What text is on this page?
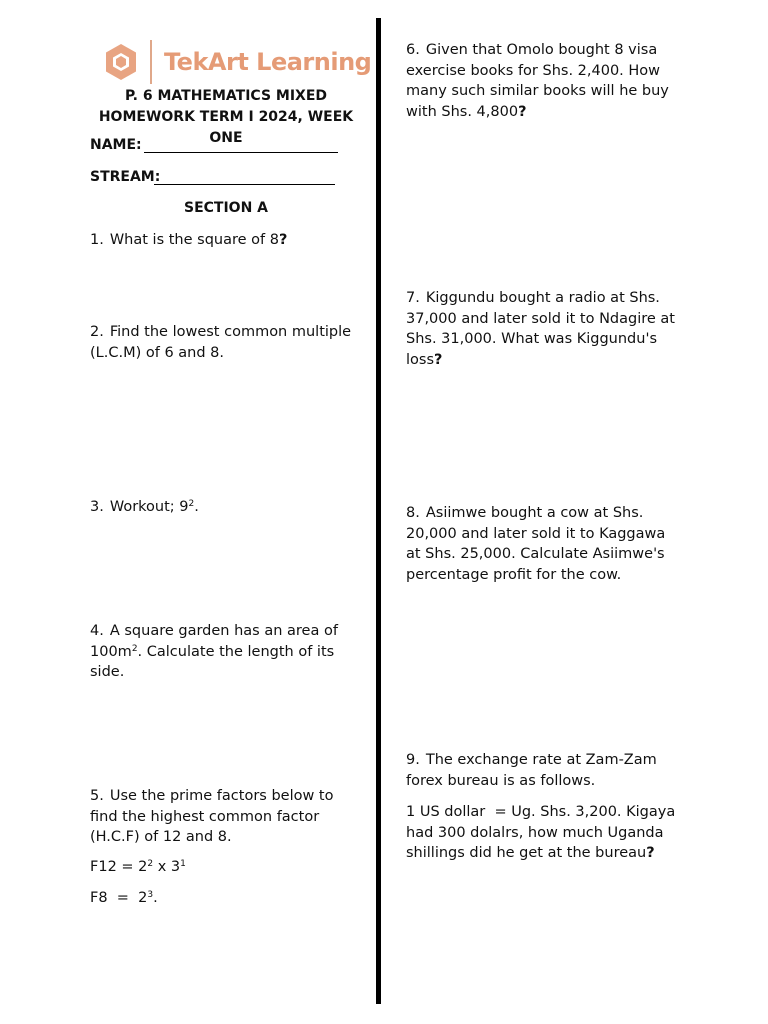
TekArt Learning
P. 6 MATHEMATICS MIXED
HOMEWORK TERM I 2024, WEEK ONE
NAME:
STREAM:
SECTION A
1. What is the square of 8?
2. Find the lowest common multiple (L.C.M) of 6 and 8.
3. Workout; $9^2$.
4. A square garden has an area of $100m^2$. Calculate the length of its side.
5. Use the prime factors below to find the highest common factor (H.C.F) of 12 and 8.
$F12 = 2^2$ x $3^1$
$F8 = 2^3$.
6. Given that Omolo bought 8 visa exercise books for Shs. 2,400. How many such similar books will he buy with Shs. 4,800?
7. Kiggundu bought a radio at Shs. 37,000 and later sold it to Ndagire at Shs. 31,000. What was Kiggundu's loss?
8. Asiimwe bought a cow at Shs. 20,000 and later sold it to Kaggawa at Shs. 25,000. Calculate Asiimwe's percentage profit for the cow.
9. The exchange rate at Zam-Zam forex bureau is as follows.
1 US dollar  = Ug. Shs. 3,200. Kigaya had 300 dolalrs, how much Uganda shillings did he get at the bureau?
